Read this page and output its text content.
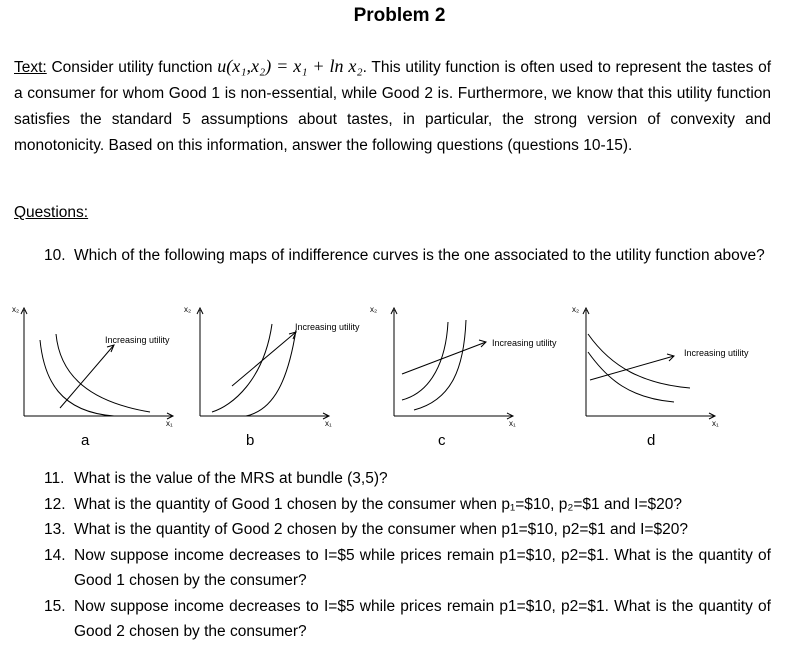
Problem 2
Text: Consider utility function u(x₁,x₂) = x₁ + ln x₂. This utility function is often used to represent the tastes of a consumer for whom Good 1 is non-essential, while Good 2 is. Furthermore, we know that this utility function satisfies the standard 5 assumptions about tastes, in particular, the strong version of convexity and monotonicity. Based on this information, answer the following questions (questions 10-15).
Questions:
10. Which of the following maps of indifference curves is the one associated to the utility function above?
x₂
x₁
Increasing utility
x₂
x₁
Increasing utility
x₂
x₁
Increasing utility
x₂
x₁
Increasing utility
a	b	c	d
11. What is the value of the MRS at bundle (3,5)?
12. What is the quantity of Good 1 chosen by the consumer when p₁=$10, p₂=$1 and I=$20?
13. What is the quantity of Good 2 chosen by the consumer when p1=$10, p2=$1 and I=$20?
14. Now suppose income decreases to I=$5 while prices remain p1=$10, p2=$1. What is the quantity of Good 1 chosen by the consumer?
15. Now suppose income decreases to I=$5 while prices remain p1=$10, p2=$1. What is the quantity of Good 2 chosen by the consumer?
